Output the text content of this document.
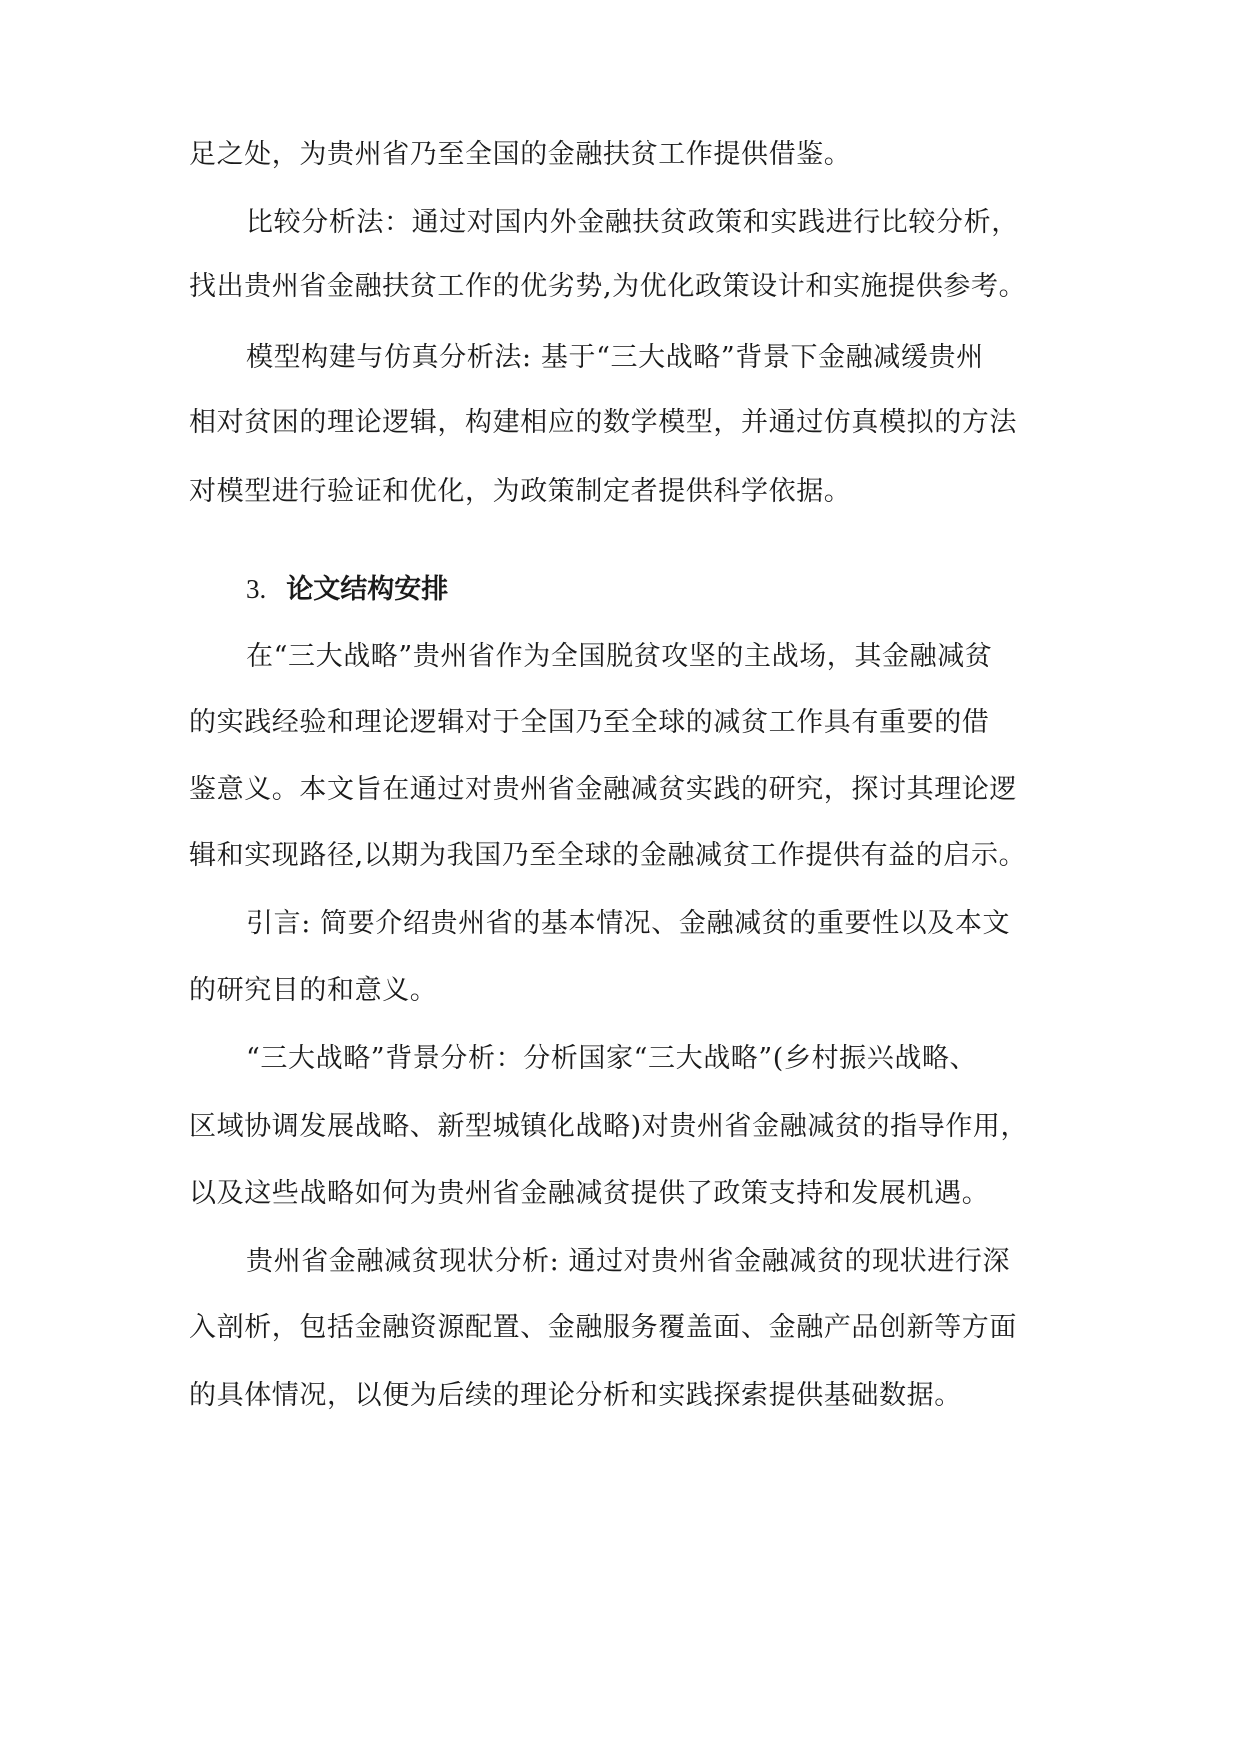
足之处，为贵州省乃至全国的金融扶贫工作提供借鉴。
比较分析法：通过对国内外金融扶贫政策和实践进行比较分析，
找出贵州省金融扶贫工作的优劣势,为优化政策设计和实施提供参考。
模型构建与仿真分析法: 基于“三大战略”背景下金融减缓贵州
相对贫困的理论逻辑，构建相应的数学模型，并通过仿真模拟的方法
对模型进行验证和优化，为政策制定者提供科学依据。
3. 论文结构安排
在“三大战略”贵州省作为全国脱贫攻坚的主战场，其金融减贫
的实践经验和理论逻辑对于全国乃至全球的减贫工作具有重要的借
鉴意义。本文旨在通过对贵州省金融减贫实践的研究，探讨其理论逻
辑和实现路径,以期为我国乃至全球的金融减贫工作提供有益的启示。
引言: 简要介绍贵州省的基本情况、金融减贫的重要性以及本文
的研究目的和意义。
“三大战略”背景分析：分析国家“三大战略”(乡村振兴战略、
区域协调发展战略、新型城镇化战略)对贵州省金融减贫的指导作用，
以及这些战略如何为贵州省金融减贫提供了政策支持和发展机遇。
贵州省金融减贫现状分析: 通过对贵州省金融减贫的现状进行深
入剖析，包括金融资源配置、金融服务覆盖面、金融产品创新等方面
的具体情况，以便为后续的理论分析和实践探索提供基础数据。
